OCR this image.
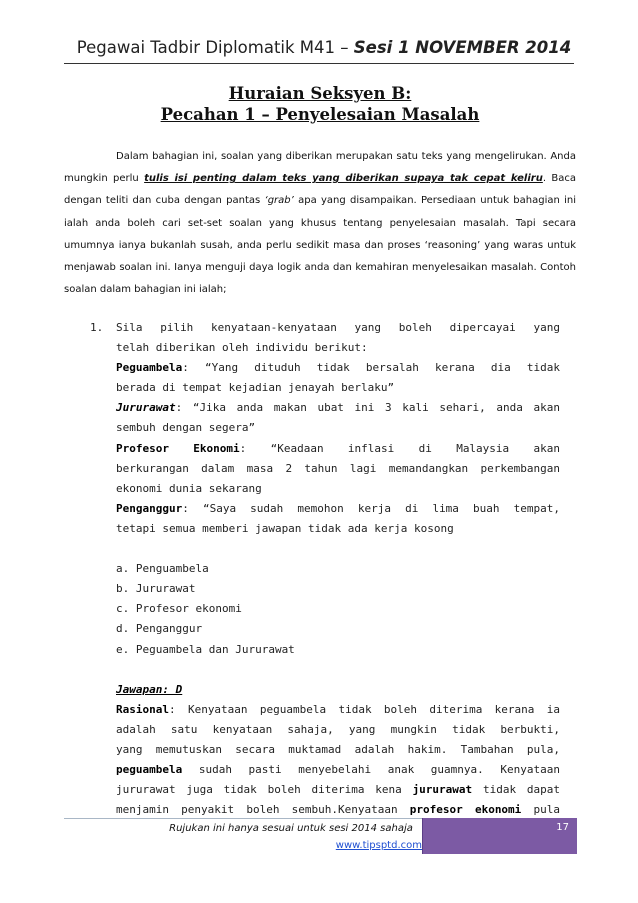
Pegawai Tadbir Diplomatik M41 – Sesi 1 NOVEMBER 2014
Huraian Seksyen B:
Pecahan 1 – Penyelesaian Masalah

Dalam bahagian ini, soalan yang diberikan merupakan satu teks yang mengelirukan. Anda mungkin perlu tulis isi penting dalam teks yang diberikan supaya tak cepat keliru. Baca dengan teliti dan cuba dengan pantas ‘grab’ apa yang disampaikan. Persediaan untuk bahagian ini ialah anda boleh cari set-set soalan yang khusus tentang penyelesaian masalah. Tapi secara umumnya ianya bukanlah susah, anda perlu sedikit masa dan proses ‘reasoning’ yang waras untuk menjawab soalan ini. Ianya menguji daya logik anda dan kemahiran menyelesaikan masalah. Contoh soalan dalam bahagian ini ialah;

1. Sila pilih kenyataan-kenyataan yang boleh dipercayai yang
telah diberikan oleh individu berikut:
Peguambela: “Yang dituduh tidak bersalah kerana dia tidak
berada di tempat kejadian jenayah berlaku”
Jururawat: “Jika anda makan ubat ini 3 kali sehari, anda akan
sembuh dengan segera”
Profesor Ekonomi: “Keadaan inflasi di Malaysia akan
berkurangan dalam masa 2 tahun lagi memandangkan perkembangan
ekonomi dunia sekarang
Penganggur: “Saya sudah memohon kerja di lima buah tempat,
tetapi semua memberi jawapan tidak ada kerja kosong
a. Penguambela
b. Jururawat
c. Profesor ekonomi
d. Penganggur
e. Peguambela dan Jururawat
Jawapan: D
Rasional: Kenyataan peguambela tidak boleh diterima kerana ia
adalah satu kenyataan sahaja, yang mungkin tidak berbukti,
yang memutuskan secara muktamad adalah hakim. Tambahan pula,
peguambela sudah pasti menyebelahi anak guamnya. Kenyataan
jururawat juga tidak boleh diterima kena jururawat tidak dapat
menjamin penyakit boleh sembuh.Kenyataan profesor ekonomi pula
Rujukan ini hanya sesuai untuk sesi 2014 sahaja
www.tipsptd.com
17
